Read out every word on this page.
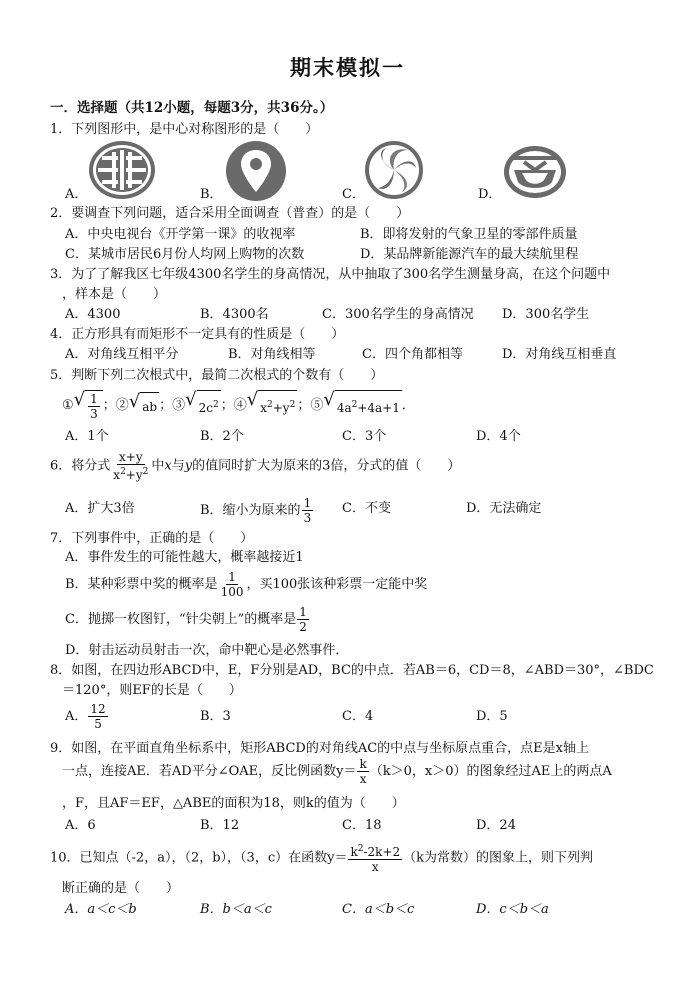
期末模拟一
一．选择题（共12小题，每题3分，共36分。）
1．下列图形中，是中心对称图形的是（　　）
A．	B．	C．	D．
2．要调查下列问题，适合采用全面调查（普查）的是（　　）
A．中央电视台《开学第一课》的收视率	B．即将发射的气象卫星的零部件质量
C．某城市居民6月份人均网上购物的次数	D．某品牌新能源汽车的最大续航里程
3．为了了解我区七年级4300名学生的身高情况，从中抽取了300名学生测量身高，在这个问题中
，样本是（　　）
A．4300	B．4300名	C．300名学生的身高情况 D．300名学生
4．正方形具有而矩形不一定具有的性质是（　　）
A．对角线互相平分	B．对角线相等	C．四个角都相等	D．对角线互相垂直
5．判断下列二次根式中，最简二次根式的个数有（　　）
① √ $\frac{1}{3}$ ；② √ ab ；③ √ $2c^2$ ；④ √ $x^2+y^2$ ；⑤ √ $4a^2+4a+1$ ．
A．1个	B．2个	C．3个	D．4个
6．将分式 $\frac{x+y}{x^2+y^2}$ 中x与y的值同时扩大为原来的3倍，分式的值（　　）
A．扩大3倍	B．缩小为原来的 $\frac{1}{3}$ C．不变	D．无法确定
7．下列事件中，正确的是（　　）
A．事件发生的可能性越大，概率越接近1
B．某种彩票中奖的概率是 $\frac{1}{100}$ ，买100张该种彩票一定能中奖
C．抛掷一枚图钉，“针尖朝上”的概率是 $\frac{1}{2}$
D．射击运动员射击一次，命中靶心是必然事件．
8．如图，在四边形ABCD中，E，F分别是AD，BC的中点．若AB＝6，CD＝8，∠ABD＝30°，∠BDC
＝120°，则EF的长是（　　）
A． $\frac{12}{5}$	B．3	C．4	D．5
9．如图，在平面直角坐标系中，矩形ABCD的对角线AC的中点与坐标原点重合，点E是x轴上
一点，连接AE．若AD平分∠OAE，反比例函数$y= \frac{k}{x} (k>0$，x＞0）的图象经过AE上的两点A
，F，且AF＝EF，△ABE的面积为18，则k的值为（　　）
A．6	B．12	C．18	D．24
10．已知点（-2，a），（2，b），（3，c）在函数$y= \frac{k^2-2k+2}{x} (k$为常数）的图象上，则下列判
断正确的是（　　）
A．a＜c＜b	B．b＜a＜c	C．a＜b＜c	D．c＜b＜a
